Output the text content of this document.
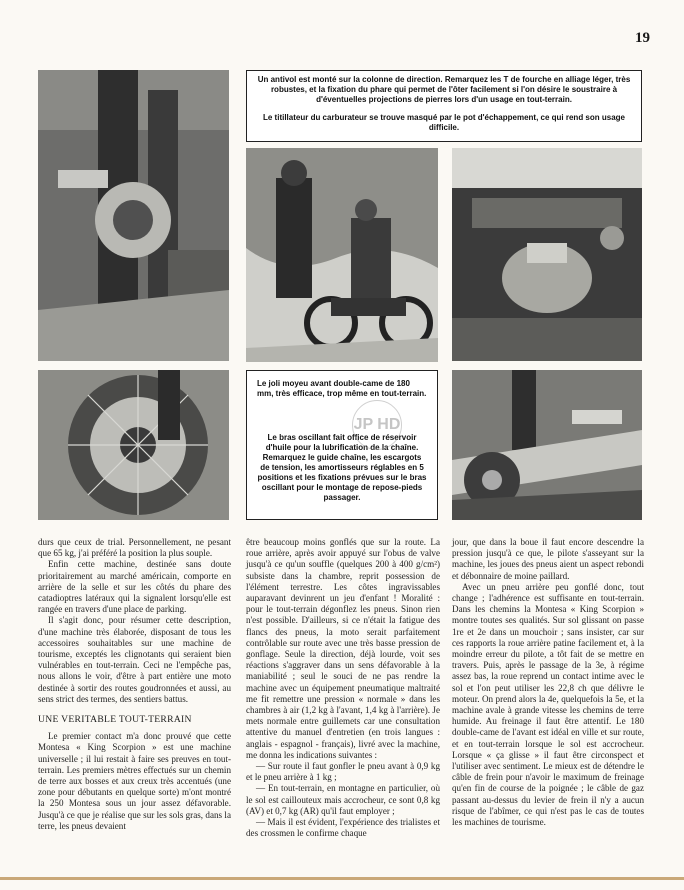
19

Un antivol est monté sur la colonne de direction. Remarquez les T de fourche en alliage léger, très robustes, et la fixation du phare qui permet de l'ôter facilement si l'on désire le soustraire à d'éventuelles projections de pierres lors d'un usage en tout-terrain.

Le titillateur du carburateur se trouve masqué par le pot d'échappement, ce qui rend son usage difficile.

Le joli moyeu avant double-came de 180 mm, très efficace, trop même en tout-terrain.

Le bras oscillant fait office de réservoir d'huile pour la lubrification de la chaîne. Remarquez le guide chaîne, les escargots de tension, les amortisseurs réglables en 5 positions et les fixations prévues sur le bras oscillant pour le montage de repose-pieds passager.

JP HD

durs que ceux de trial. Personnellement, ne pesant que 65 kg, j'ai préféré la position la plus souple.

Enfin cette machine, destinée sans doute prioritairement au marché américain, comporte en arrière de la selle et sur les côtés du phare des catadioptres latéraux qui la signalent lorsqu'elle est rangée en travers d'une place de parking.

Il s'agit donc, pour résumer cette description, d'une machine très élaborée, disposant de tous les accessoires souhaitables sur une machine de tourisme, exceptés les clignotants qui seraient bien vulnérables en tout-terrain. Ceci ne l'empêche pas, nous allons le voir, d'être à part entière une moto destinée à sortir des routes goudronnées et aussi, au sens strict des termes, des sentiers battus.

UNE VERITABLE TOUT-TERRAIN

Le premier contact m'a donc prouvé que cette Montesa « King Scorpion » est une machine universelle ; il lui restait à faire ses preuves en tout-terrain. Les premiers mètres effectués sur un chemin de terre aux bosses et aux creux très accentués (une zone pour débutants en quelque sorte) m'ont montré la 250 Montesa sous un jour assez défavorable. Jusqu'à ce que je réalise que sur les sols gras, dans la terre, les pneus devaient

être beaucoup moins gonflés que sur la route. La roue arrière, après avoir appuyé sur l'obus de valve jusqu'à ce qu'un souffle (quelques 200 à 400 g/cm²) subsiste dans la chambre, reprit possession de l'élément terrestre. Les côtes ingravissables auparavant devinrent un jeu d'enfant ! Moralité : pour le tout-terrain dégonflez les pneus. Sinon rien n'est possible. D'ailleurs, si ce n'était la fatigue des flancs des pneus, la moto serait parfaitement contrôlable sur route avec une très basse pression de gonflage. Seule la direction, déjà lourde, voit ses réactions s'aggraver dans un sens défavorable à la maniabilité ; seul le souci de ne pas rendre la machine avec un équipement pneumatique maltraité me fit remettre une pression « normale » dans les chambres à air (1,2 kg à l'avant, 1,4 kg à l'arrière). Je mets normale entre guillemets car une consultation attentive du manuel d'entretien (en trois langues : anglais - espagnol - français), livré avec la machine, me donna les indications suivantes :

— Sur route il faut gonfler le pneu avant à 0,9 kg et le pneu arrière à 1 kg ;

— En tout-terrain, en montagne en particulier, où le sol est caillouteux mais accrocheur, ce sont 0,8 kg (AV) et 0,7 kg (AR) qu'il faut employer ;

— Mais il est évident, l'expérience des trialistes et des crossmen le confirme chaque

jour, que dans la boue il faut encore descendre la pression jusqu'à ce que, le pilote s'asseyant sur la machine, les joues des pneus aient un aspect rebondi et débonnaire de moine paillard.

Avec un pneu arrière peu gonflé donc, tout change ; l'adhérence est suffisante en tout-terrain. Dans les chemins la Montesa « King Scorpion » montre toutes ses qualités. Sur sol glissant on passe 1re et 2e dans un mouchoir ; sans insister, car sur ces rapports la roue arrière patine facilement et, à la moindre erreur du pilote, a tôt fait de se mettre en travers. Puis, après le passage de la 3e, à régime assez bas, la roue reprend un contact intime avec le sol et l'on peut utiliser les 22,8 ch que délivre le moteur. On prend alors la 4e, quelquefois la 5e, et la machine avale à grande vitesse les chemins de terre humide. Au freinage il faut être attentif. Le 180 double-came de l'avant est idéal en ville et sur route, et en tout-terrain lorsque le sol est accrocheur. Lorsque « ça glisse » il faut être circonspect et l'utiliser avec sentiment. Le mieux est de détendre le câble de frein pour n'avoir le maximum de freinage qu'en fin de course de la poignée ; le câble de gaz passant au-dessus du levier de frein il n'y a aucun risque de l'abîmer, ce qui n'est pas le cas de toutes les machines de tourisme.
